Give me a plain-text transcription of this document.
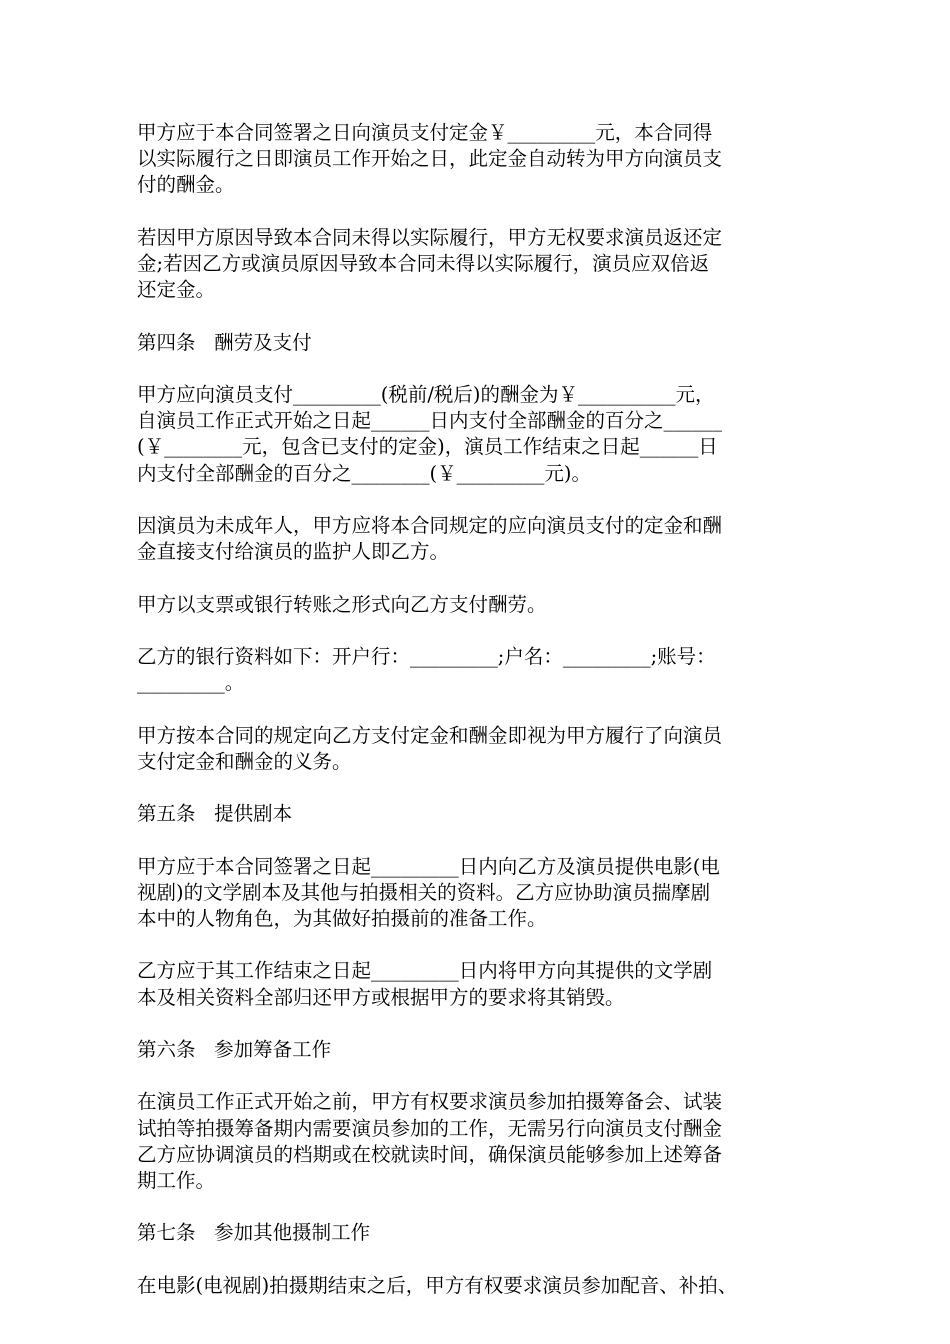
甲方应于本合同签署之日向演员支付定金￥_________元，本合同得
以实际履行之日即演员工作开始之日，此定金自动转为甲方向演员支
付的酬金。

若因甲方原因导致本合同未得以实际履行，甲方无权要求演员返还定
金;若因乙方或演员原因导致本合同未得以实际履行，演员应双倍返
还定金。

第四条   酬劳及支付

甲方应向演员支付_________(税前/税后)的酬金为￥__________元，
自演员工作正式开始之日起______日内支付全部酬金的百分之______
(￥________元，包含已支付的定金)，演员工作结束之日起______日
内支付全部酬金的百分之________(￥_________元)。

因演员为未成年人，甲方应将本合同规定的应向演员支付的定金和酬
金直接支付给演员的监护人即乙方。

甲方以支票或银行转账之形式向乙方支付酬劳。

乙方的银行资料如下：开户行：_________;户名：_________;账号：
_________。

甲方按本合同的规定向乙方支付定金和酬金即视为甲方履行了向演员
支付定金和酬金的义务。

第五条   提供剧本

甲方应于本合同签署之日起_________日内向乙方及演员提供电影(电
视剧)的文学剧本及其他与拍摄相关的资料。乙方应协助演员揣摩剧
本中的人物角色，为其做好拍摄前的准备工作。

乙方应于其工作结束之日起_________日内将甲方向其提供的文学剧
本及相关资料全部归还甲方或根据甲方的要求将其销毁。

第六条   参加筹备工作

在演员工作正式开始之前，甲方有权要求演员参加拍摄筹备会、试装
试拍等拍摄筹备期内需要演员参加的工作，无需另行向演员支付酬金
乙方应协调演员的档期或在校就读时间，确保演员能够参加上述筹备
期工作。

第七条   参加其他摄制工作

在电影(电视剧)拍摄期结束之后，甲方有权要求演员参加配音、补拍、
